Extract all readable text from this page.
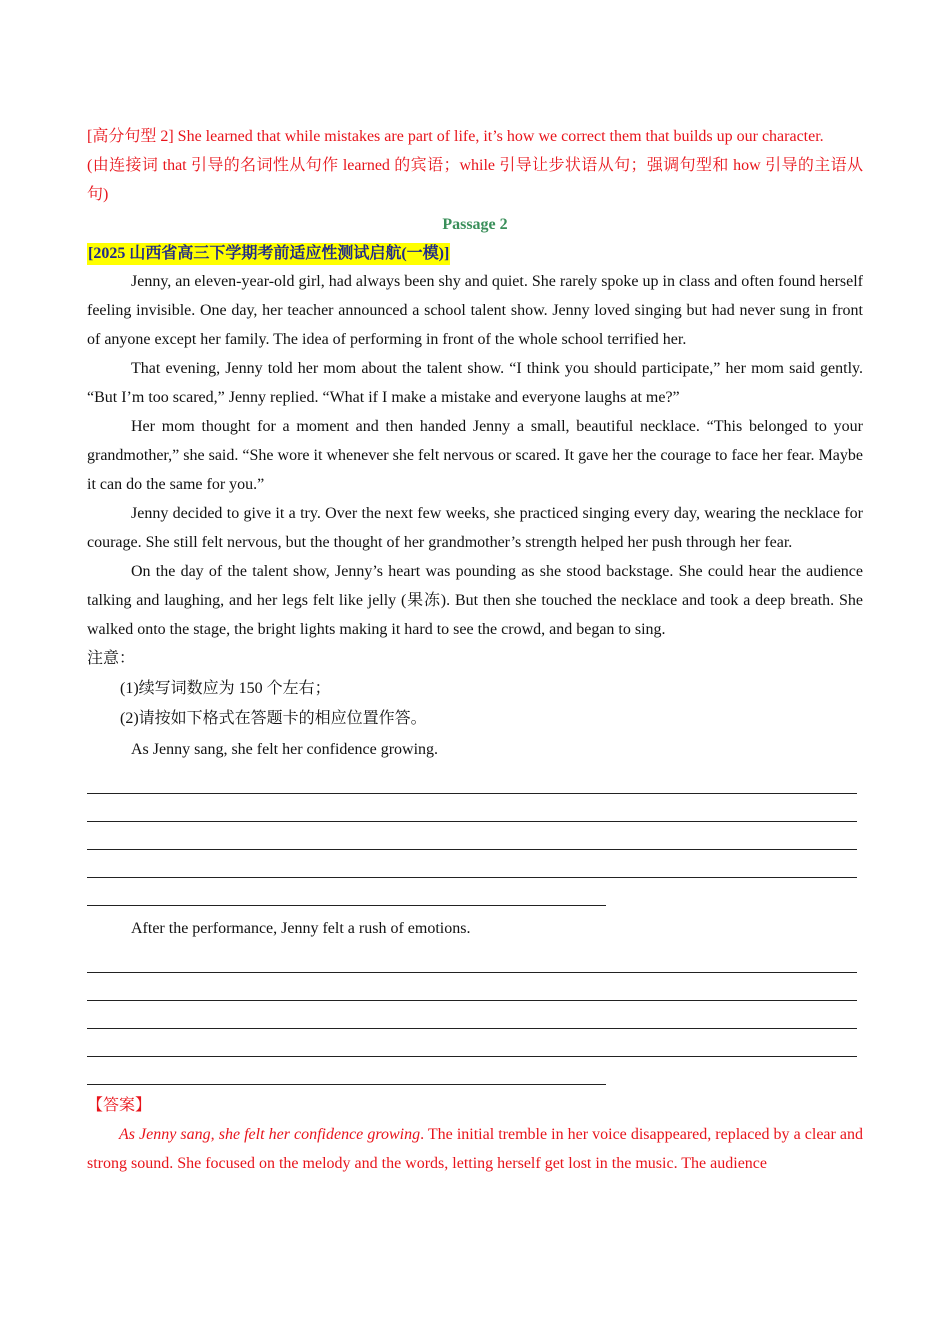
[高分句型 2] She learned that while mistakes are part of life, it’s how we correct them that builds up our character.
(由连接词 that 引导的名词性从句作 learned 的宾语；while 引导让步状语从句；强调句型和 how 引导的主语从句)
Passage 2
[2025 山西省高三下学期考前适应性测试启航(一模)]
Jenny, an eleven-year-old girl, had always been shy and quiet. She rarely spoke up in class and often found herself feeling invisible. One day, her teacher announced a school talent show. Jenny loved singing but had never sung in front of anyone except her family. The idea of performing in front of the whole school terrified her.
That evening, Jenny told her mom about the talent show. “I think you should participate,” her mom said gently. “But I’m too scared,” Jenny replied. “What if I make a mistake and everyone laughs at me?”
Her mom thought for a moment and then handed Jenny a small, beautiful necklace. “This belonged to your grandmother,” she said. “She wore it whenever she felt nervous or scared. It gave her the courage to face her fear. Maybe it can do the same for you.”
Jenny decided to give it a try. Over the next few weeks, she practiced singing every day, wearing the necklace for courage. She still felt nervous, but the thought of her grandmother’s strength helped her push through her fear.
On the day of the talent show, Jenny’s heart was pounding as she stood backstage. She could hear the audience talking and laughing, and her legs felt like jelly (果冻). But then she touched the necklace and took a deep breath. She walked onto the stage, the bright lights making it hard to see the crowd, and began to sing.
注意：
(1)续写词数应为 150 个左右；
(2)请按如下格式在答题卡的相应位置作答。
As Jenny sang, she felt her confidence growing.
After the performance, Jenny felt a rush of emotions.
【答案】
As Jenny sang, she felt her confidence growing. The initial tremble in her voice disappeared, replaced by a clear and strong sound. She focused on the melody and the words, letting herself get lost in the music. The audience
